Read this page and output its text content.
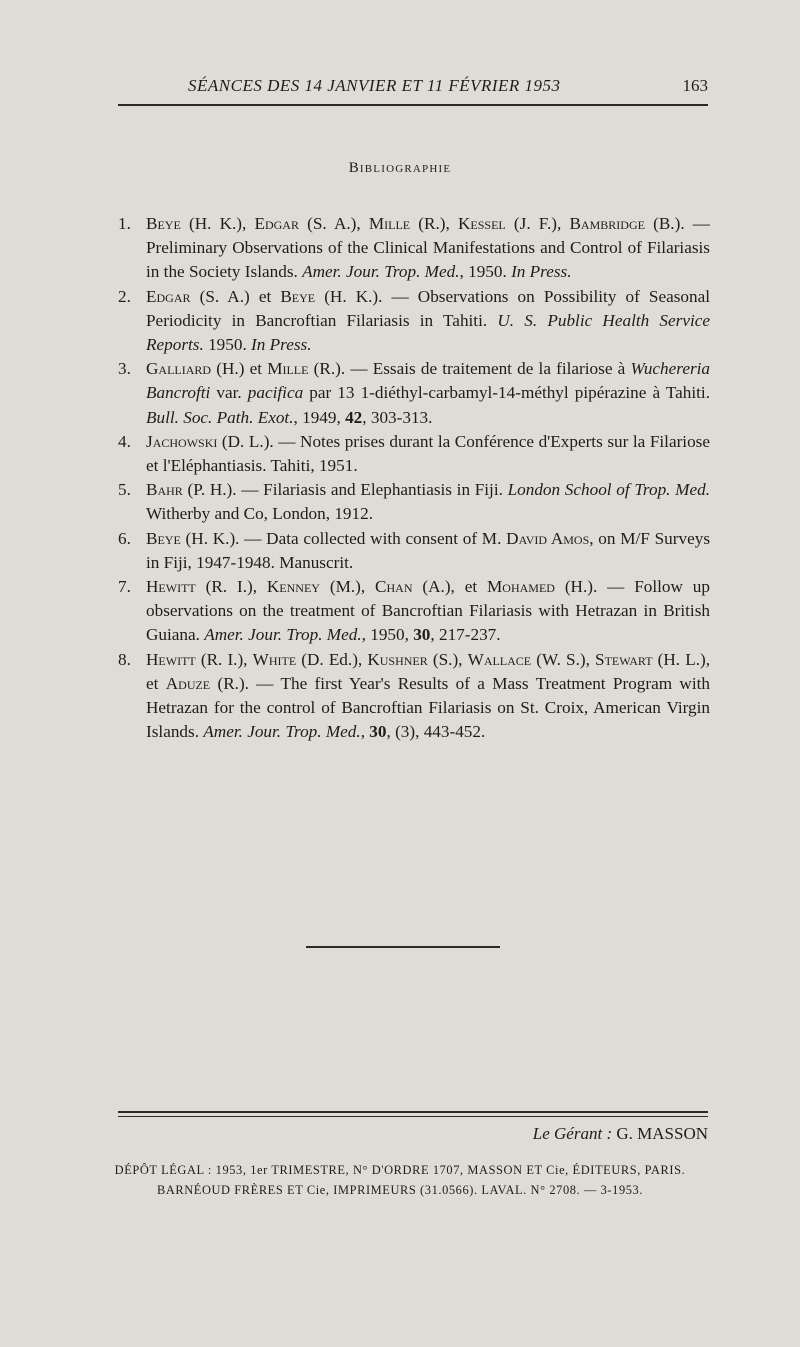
SÉANCES DES 14 JANVIER ET 11 FÉVRIER 1953	163
Bibliographie
1. Beye (H. K.), Edgar (S. A.), Mille (R.), Kessel (J. F.), Bambridge (B.). — Preliminary Observations of the Clinical Manifestations and Control of Filariasis in the Society Islands. Amer. Jour. Trop. Med., 1950. In Press.
2. Edgar (S. A.) et Beye (H. K.). — Observations on Possibility of Seasonal Periodicity in Bancroftian Filariasis in Tahiti. U. S. Public Health Service Reports. 1950. In Press.
3. Galliard (H.) et Mille (R.). — Essais de traitement de la filariose à Wuchereria Bancrofti var. pacifica par 13 1-diéthyl-carbamyl-14-méthyl pipérazine à Tahiti. Bull. Soc. Path. Exot., 1949, 42, 303-313.
4. Jachowski (D. L.). — Notes prises durant la Conférence d'Experts sur la Filariose et l'Eléphantiasis. Tahiti, 1951.
5. Bahr (P. H.). — Filariasis and Elephantiasis in Fiji. London School of Trop. Med. Witherby and Co, London, 1912.
6. Beye (H. K.). — Data collected with consent of M. David Amos, on M/F Surveys in Fiji, 1947-1948. Manuscrit.
7. Hewitt (R. I.), Kenney (M.), Chan (A.), et Mohamed (H.). — Follow up observations on the treatment of Bancroftian Filariasis with Hetrazan in British Guiana. Amer. Jour. Trop. Med., 1950, 30, 217-237.
8. Hewitt (R. I.), White (D. Ed.), Kushner (S.), Wallace (W. S.), Stewart (H. L.), et Aduze (R.). — The first Year's Results of a Mass Treatment Program with Hetrazan for the control of Bancroftian Filariasis on St. Croix, American Virgin Islands. Amer. Jour. Trop. Med., 30, (3), 443-452.
Le Gérant : G. MASSON
DÉPÔT LÉGAL : 1953, 1er TRIMESTRE, N° D'ORDRE 1707, MASSON ET Cie, ÉDITEURS, PARIS.
BARNÉOUD FRÈRES ET Cie, IMPRIMEURS (31.0566). LAVAL. N° 2708. — 3-1953.
